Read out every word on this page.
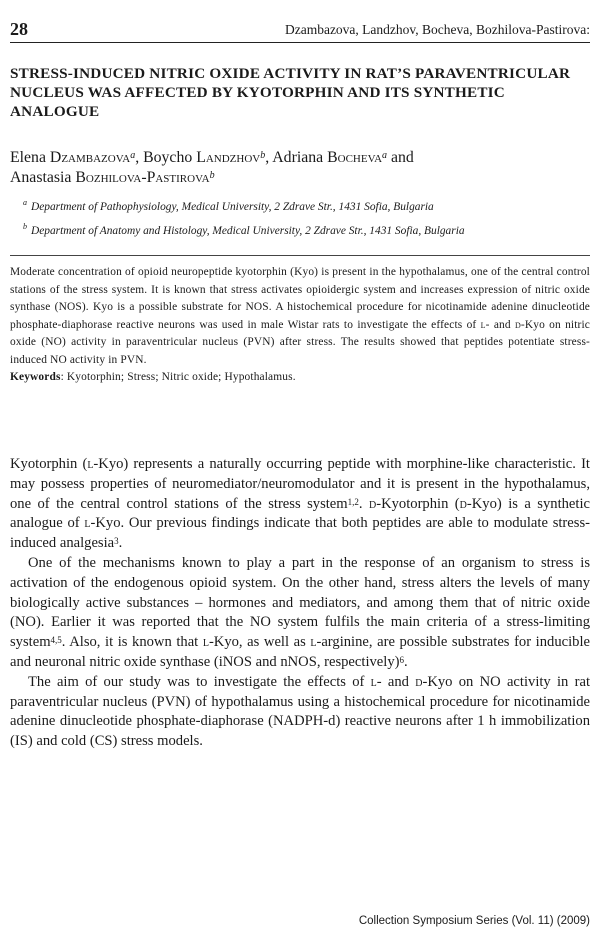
28	Dzambazova, Landzhov, Bocheva, Bozhilova-Pastirova:
STRESS-INDUCED NITRIC OXIDE ACTIVITY IN RAT’S PARAVENTRICULAR NUCLEUS WAS AFFECTED BY KYOTORPHIN AND ITS SYNTHETIC ANALOGUE
Elena Dzambazova$^a$, Boycho Landzhov$^b$, Adriana Bocheva$^a$ and
Anastasia Bozhilova-Pastirova$^b$
$^a$ Department of Pathophysiology, Medical University, 2 Zdrave Str., 1431 Sofia, Bulgaria
$^b$ Department of Anatomy and Histology, Medical University, 2 Zdrave Str., 1431 Sofia, Bulgaria

Moderate concentration of opioid neuropeptide kyotorphin (Kyo) is present in the hypothalamus, one of the central control stations of the stress system. It is known that stress activates opioidergic system and increases expression of nitric oxide synthase (NOS). Kyo is a possible substrate for NOS. A histochemical procedure for nicotinamide adenine dinucleotide phosphate-diaphorase reactive neurons was used in male Wistar rats to investigate the effects of l- and d-Kyo on nitric oxide (NO) activity in paraventricular nucleus (PVN) after stress. The results showed that peptides potentiate stress-induced NO activity in PVN.
Keywords: Kyotorphin; Stress; Nitric oxide; Hypothalamus.

Kyotorphin (l-Kyo) represents a naturally occurring peptide with morphine-like characteristic. It may possess properties of neuromediator/neuromodulator and it is present in the hypothalamus, one of the central control stations of the stress system$^{1,2}$. d-Kyotorphin (d-Kyo) is a synthetic analogue of l-Kyo. Our previous findings indicate that both peptides are able to modulate stress-induced analgesia$^3$.

One of the mechanisms known to play a part in the response of an organism to stress is activation of the endogenous opioid system. On the other hand, stress alters the levels of many biologically active substances – hormones and mediators, and among them that of nitric oxide (NO). Earlier it was reported that the NO system fulfils the main criteria of a stress-limiting system$^{4,5}$. Also, it is known that l-Kyo, as well as l-arginine, are possible substrates for inducible and neuronal nitric oxide synthase (iNOS and nNOS, respectively)$^6$.

The aim of our study was to investigate the effects of l- and d-Kyo on NO activity in rat paraventricular nucleus (PVN) of hypothalamus using a histochemical procedure for nicotinamide adenine dinucleotide phosphate-diaphorase (NADPH-d) reactive neurons after 1 h immobilization (IS) and cold (CS) stress models.

Collection Symposium Series (Vol. 11) (2009)
